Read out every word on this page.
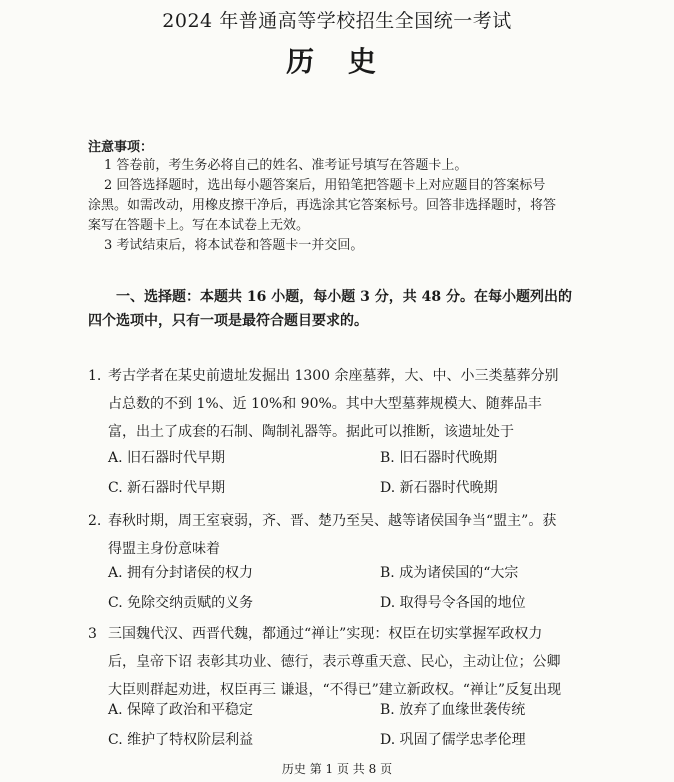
2024 年普通高等学校招生全国统一考试
历 史
注意事项：
1 答卷前，考生务必将自己的姓名、准考证号填写在答题卡上。
2 回答选择题时，选出每小题答案后，用铅笔把答题卡上对应题目的答案标号涂黑。如需改动，用橡皮擦干净后，再选涂其它答案标号。回答非选择题时，将答案写在答题卡上。写在本试卷上无效。
3 考试结束后，将本试卷和答题卡一并交回。
一、选择题：本题共 16 小题，每小题 3 分，共 48 分。在每小题列出的四个选项中，只有一项是最符合题目要求的。
1. 考古学者在某史前遗址发掘出 1300 余座墓葬，大、中、小三类墓葬分别占总数的不到 1%、近 10%和 90%。其中大型墓葬规模大、随葬品丰富，出土了成套的石制、陶制礼器等。据此可以推断，该遗址处于
A. 旧石器时代早期	B. 旧石器时代晚期
C. 新石器时代早期	D. 新石器时代晚期
2. 春秋时期，周王室衰弱，齐、晋、楚乃至吴、越等诸侯国争当“盟主”。获得盟主身份意味着
A. 拥有分封诸侯的权力	B. 成为诸侯国的“大宗
C. 免除交纳贡赋的义务	D. 取得号令各国的地位
3 三国魏代汉、西晋代魏，都通过“禅让”实现：权臣在切实掌握军政权力后，皇帝下诏 表彰其功业、德行，表示尊重天意、民心，主动让位；公卿大臣则群起劝进，权臣再三 谦退，“不得已”建立新政权。“禅让”反复出现
A. 保障了政治和平稳定	B. 放弃了血缘世袭传统
C. 维护了特权阶层利益	D. 巩固了儒学忠孝伦理
历史 第 1 页 共 8 页
